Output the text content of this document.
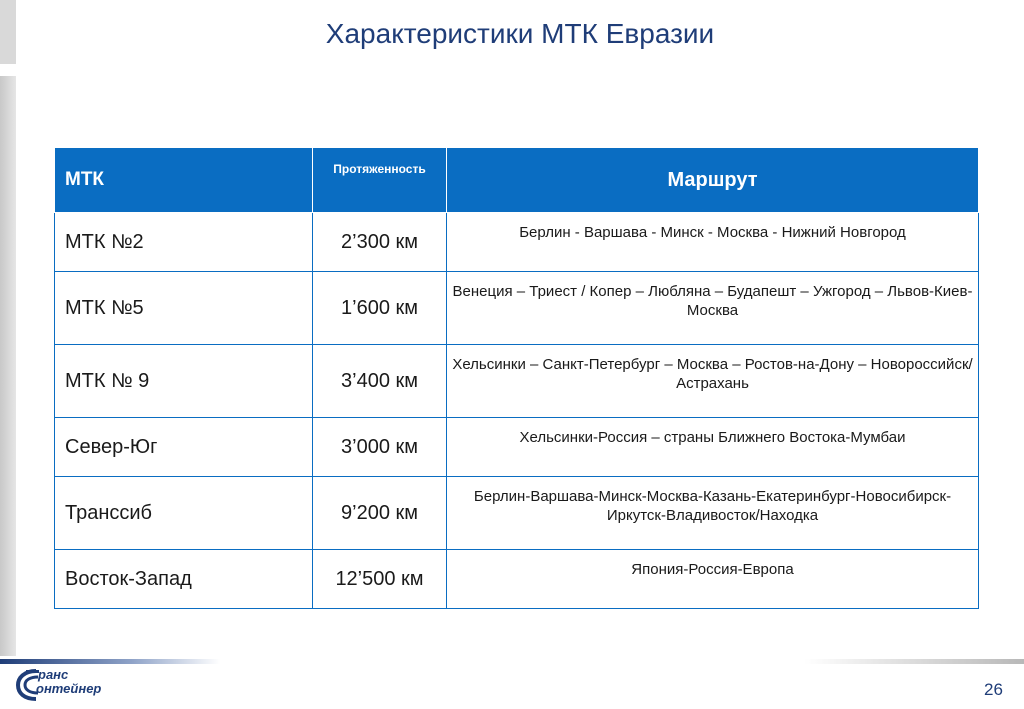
Характеристики МТК Евразии
МТК	Протяженность	Маршрут
МТК №2	2’300 км	Берлин - Варшава - Минск - Москва - Нижний Новгород
МТК №5	1’600 км	Венеция – Триест / Копер – Любляна – Будапешт – Ужгород – Львов-Киев-Москва
МТК № 9	3’400 км	Хельсинки – Санкт-Петербург – Москва – Ростов-на-Дону – Новороссийск/Астрахань
Север-Юг	3’000 км	Хельсинки-Россия – страны Ближнего Востока-Мумбаи
Транссиб	9’200 км	Берлин-Варшава-Минск-Москва-Казань-Екатеринбург-Новосибирск-Иркутск-Владивосток/Находка
Восток-Запад	12’500 км	Япония-Россия-Европа
ранс
онтейнер	26
